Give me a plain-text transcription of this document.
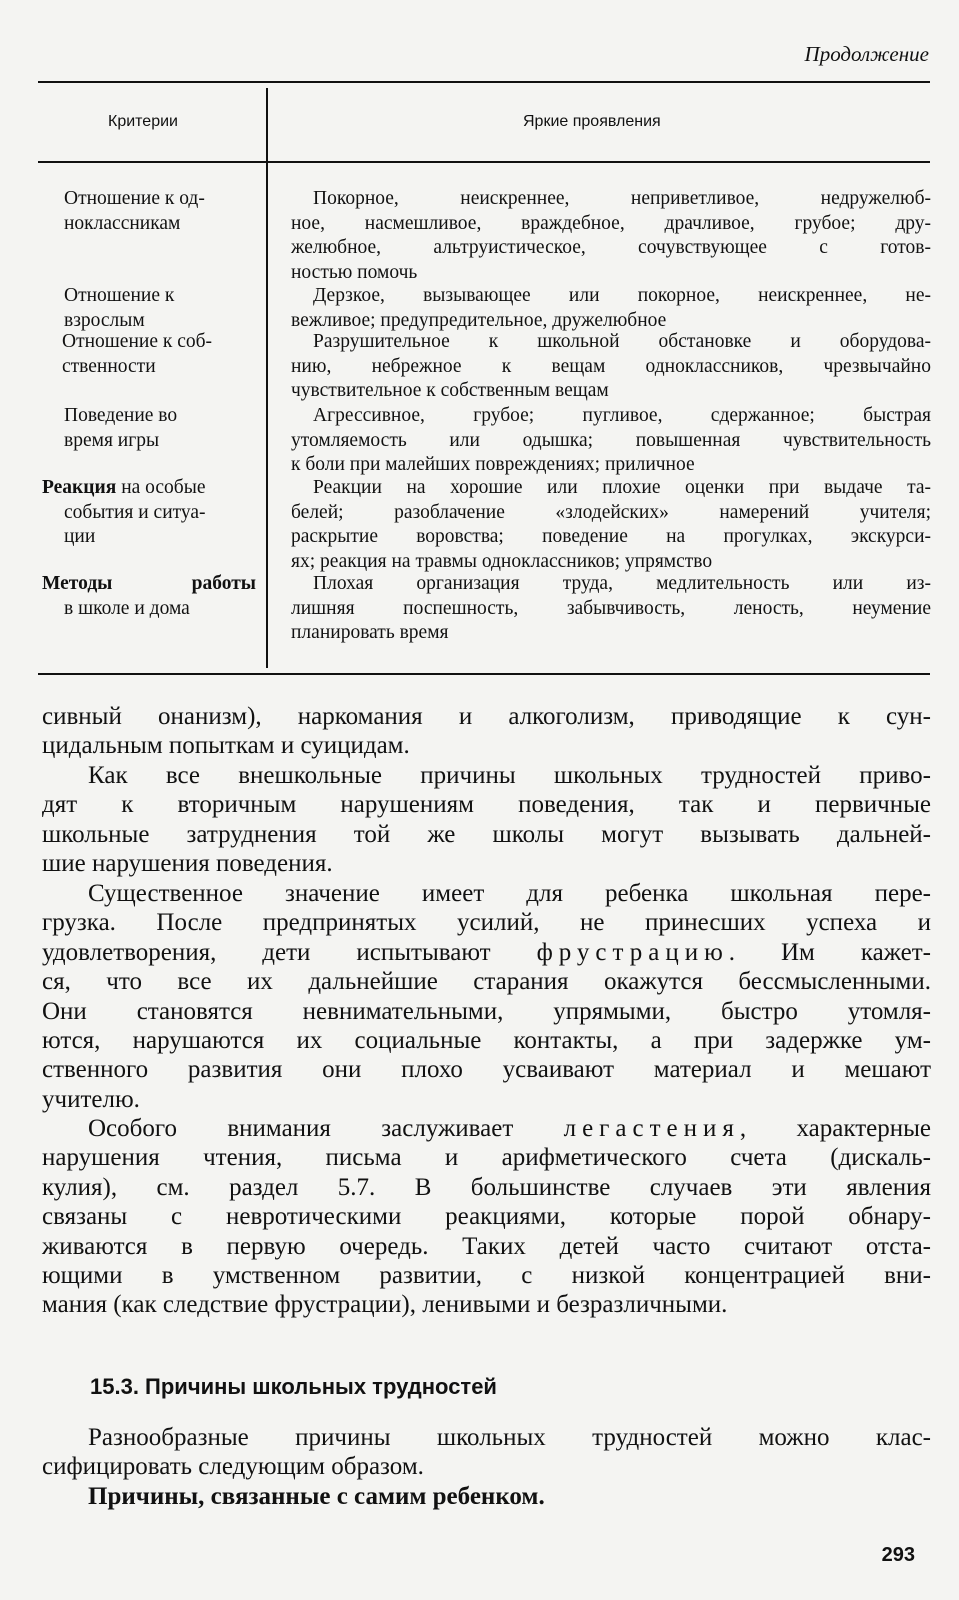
Продолжение
Критерии	Яркие проявления
Отношение к од-
ноклассникам
Покорное, неискреннее, неприветливое, недружелюб-
ное, насмешливое, враждебное, драчливое, грубое; дру-
желюбное, альтруистическое, сочувствующее с готов-
ностью помочь
Отношение к
взрослым
Дерзкое, вызывающее или покорное, неискреннее, не-
вежливое; предупредительное, дружелюбное
Отношение к соб-
ственности
Разрушительное к школьной обстановке и оборудова-
нию, небрежное к вещам одноклассников, чрезвычайно
чувствительное к собственным вещам
Поведение во
время игры
Агрессивное, грубое; пугливое, сдержанное; быстрая
утомляемость или одышка; повышенная чувствительность
к боли при малейших повреждениях; приличное
Реакция на особые
события и ситуа-
ции
Реакции на хорошие или плохие оценки при выдаче та-
белей; разоблачение «злодейских» намерений учителя;
раскрытие воровства; поведение на прогулках, экскурси-
ях; реакция на травмы одноклассников; упрямство
Методы	работы
в школе и дома
Плохая организация труда, медлительность или из-
лишняя поспешность, забывчивость, леность, неумение
планировать время
сивный онанизм), наркомания и алкоголизм, приводящие к сун-
цидальным попыткам и суицидам.
Как все внешкольные причины школьных трудностей приво-
дят к вторичным нарушениям поведения, так и первичные
школьные затруднения той же школы могут вызывать дальней-
шие нарушения поведения.
Существенное значение имеет для ребенка школьная пере-
грузка. После предпринятых усилий, не принесших успеха и
удовлетворения, дети испытывают фрустрацию. Им кажет-
ся, что все их дальнейшие старания окажутся бессмысленными.
Они становятся невнимательными, упрямыми, быстро утомля-
ются, нарушаются их социальные контакты, а при задержке ум-
ственного развития они плохо усваивают материал и мешают
учителю.
Особого внимания заслуживает легастения, характерные
нарушения чтения, письма и арифметического счета (дискаль-
кулия), см. раздел 5.7. В большинстве случаев эти явления
связаны с невротическими реакциями, которые порой обнару-
живаются в первую очередь. Таких детей часто считают отста-
ющими в умственном развитии, с низкой концентрацией вни-
мания (как следствие фрустрации), ленивыми и безразличными.
15.3. Причины школьных трудностей
Разнообразные причины школьных трудностей можно клас-
сифицировать следующим образом.
Причины, связанные с самим ребенком.
293
